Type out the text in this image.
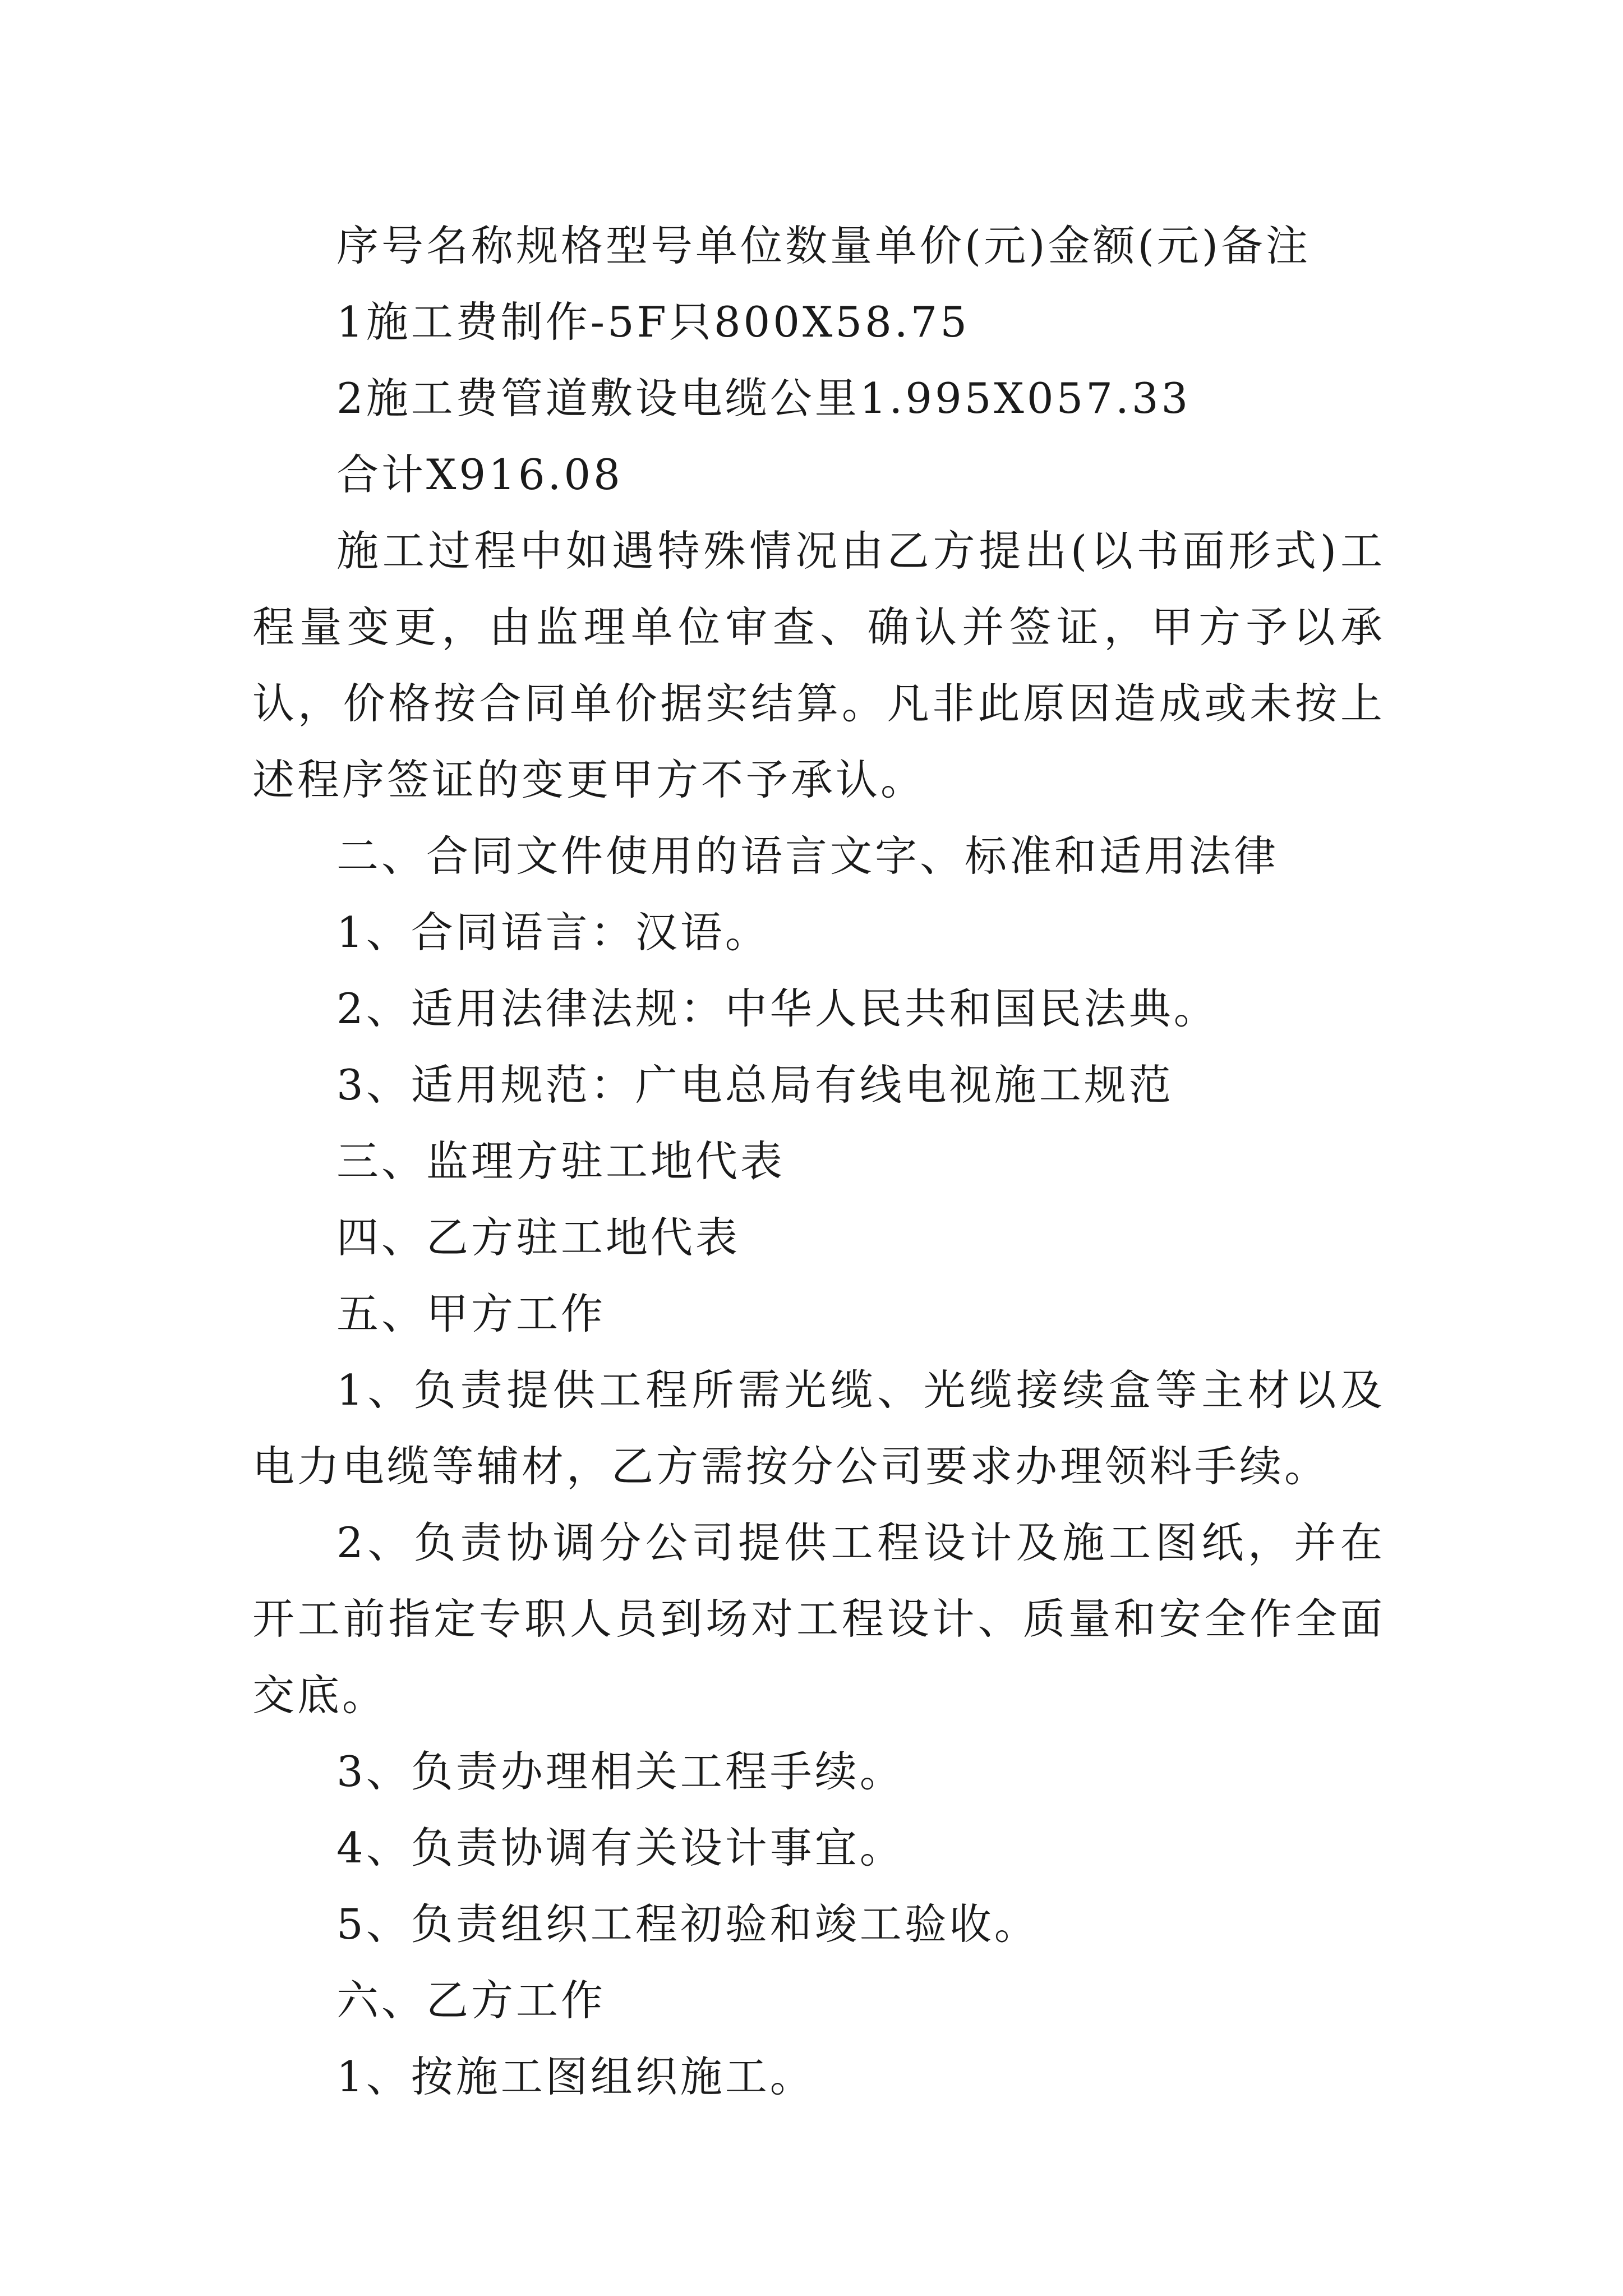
序号名称规格型号单位数量单价(元)金额(元)备注

1施工费制作-5F只800X58.75

2施工费管道敷设电缆公里1.995X057.33

合计X916.08

施工过程中如遇特殊情况由乙方提出(以书面形式)工程量变更，由监理单位审查、确认并签证，甲方予以承认，价格按合同单价据实结算。凡非此原因造成或未按上述程序签证的变更甲方不予承认。

二、合同文件使用的语言文字、标准和适用法律

1、合同语言：汉语。

2、适用法律法规：中华人民共和国民法典。

3、适用规范：广电总局有线电视施工规范

三、监理方驻工地代表

四、乙方驻工地代表

五、甲方工作

1、负责提供工程所需光缆、光缆接续盒等主材以及电力电缆等辅材，乙方需按分公司要求办理领料手续。

2、负责协调分公司提供工程设计及施工图纸，并在开工前指定专职人员到场对工程设计、质量和安全作全面交底。

3、负责办理相关工程手续。

4、负责协调有关设计事宜。

5、负责组织工程初验和竣工验收。

六、乙方工作

1、按施工图组织施工。
